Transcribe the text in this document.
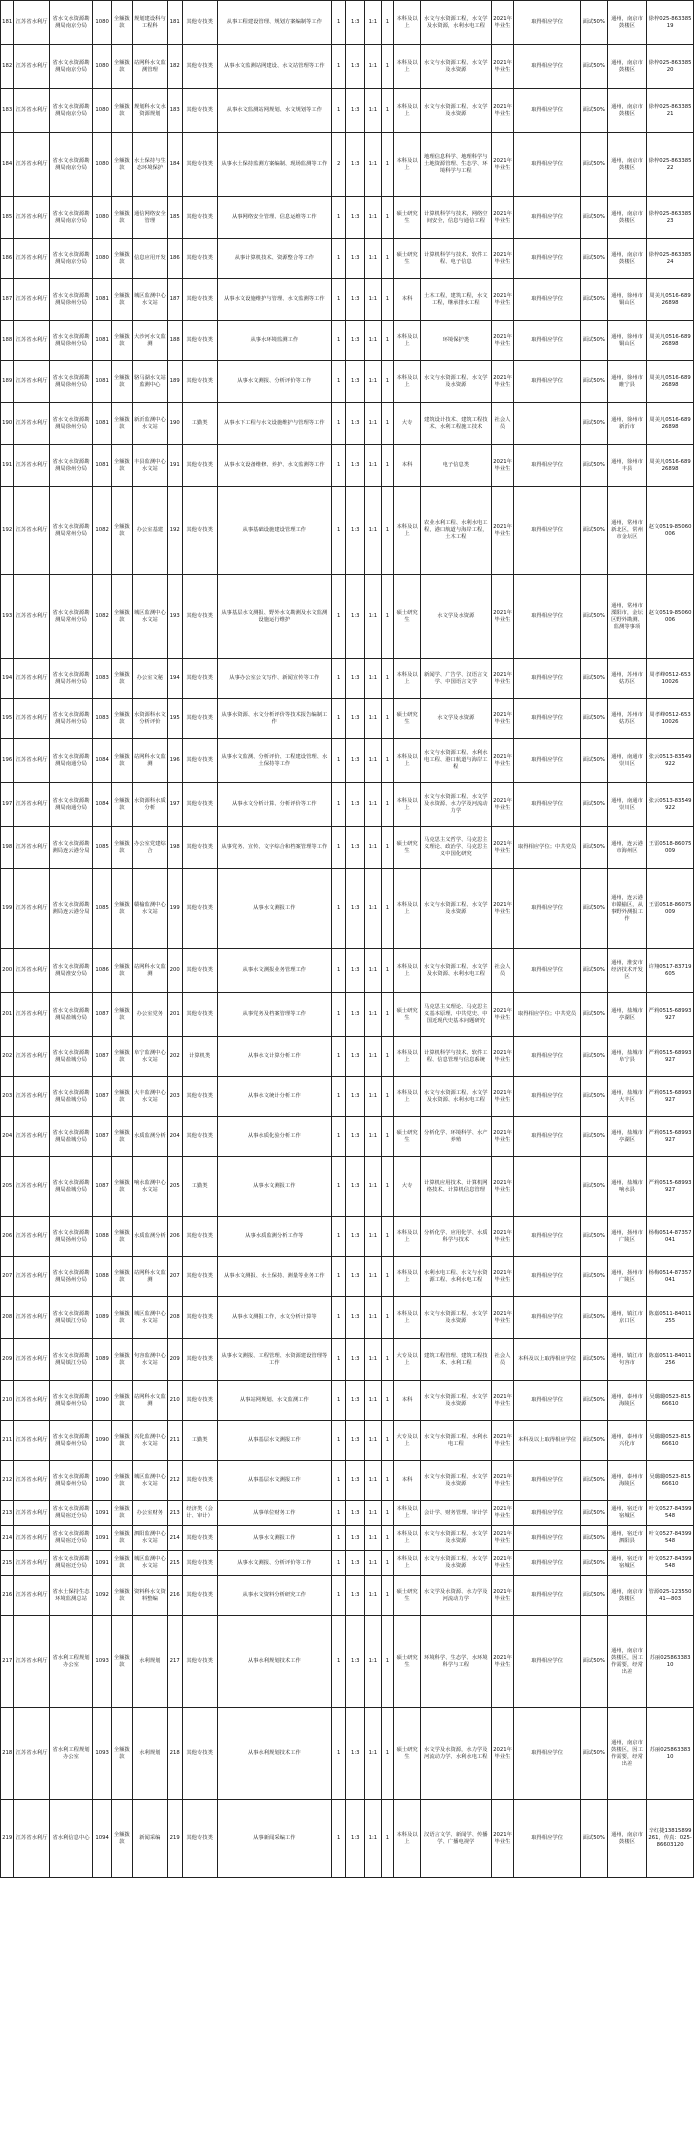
181	江苏省水利厅	省水文水资源勘测局南京分局	1080	全额拨款	规划建设科与工程科	181	其他专技类	从事工程建设管理、规划方案编制等工作	1	1:3	1:1	1	本科及以上	水文与水资源工程，水文学及水资源，水利水电工程	2021年毕业生	取得相应学位	面试50%	通州，南京市鼓楼区	徐梓025-86338519
182	江苏省水利厅	省水文水资源勘测局南京分局	1080	全额拨款	站网科水文监测管理	182	其他专技类	从事水文监测站网建设、水文站管理等工作	1	1:3	1:1	1	本科及以上	水文与水资源工程、水文学及水资源	2021年毕业生	取得相应学位	面试50%	通州，南京市鼓楼区	徐梓025-86338520
183	江苏省水利厅	省水文水资源勘测局南京分局	1080	全额拨款	规划科水文水资源规划	183	其他专技类	从事水文监测站网规划、水文规划等工作	1	1:3	1:1	1	本科及以上	水文与水资源工程、水文学及水资源	2021年毕业生	取得相应学位	面试50%	通州，南京市鼓楼区	徐梓025-86338521
184	江苏省水利厅	省水文水资源勘测局南京分局	1080	全额拨款	水土保持与生态环境保护	184	其他专技类	从事水土保持监测方案编制、现场监测等工作	2	1:3	1:1	1	本科及以上	地理信息科学、地理科学与土地资源管理、生态学、环境科学与工程	2021年毕业生	取得相应学位	面试50%	通州，南京市鼓楼区	徐梓025-86338522
185	江苏省水利厅	省水文水资源勘测局南京分局	1080	全额拨款	通信网络安全管理	185	其他专技类	从事网络安全管理、信息运维等工作	1	1:3	1:1	1	硕士研究生	计算机科学与技术，网络空间安全，信息与通信工程	2021年毕业生	取得相应学位	面试50%	通州，南京市鼓楼区	徐梓025-86338523
186	江苏省水利厅	省水文水资源勘测局南京分局	1080	全额拨款	信息应用开发	186	其他专技类	从事计算机技术、资源整合等工作	1	1:3	1:1	1	硕士研究生	计算机科学与技术、软件工程、电子信息	2021年毕业生	取得相应学位	面试50%	通州，南京市鼓楼区	徐梓025-86338524
187	江苏省水利厅	省水文水资源勘测局徐州分局	1081	全额拨款	城区监测中心水文站	187	其他专技类	从事水文设施维护与管理、水文监测等工作	1	1:3	1:1	1	本科	土木工程，建筑工程，水文工程，继承排水工程	2021年毕业生	取得相应学位	面试50%	通州，徐州市铜山区	周美凡0516-68926898
188	江苏省水利厅	省水文水资源勘测局徐州分局	1081	全额拨款	大沙河水文监测	188	其他专技类	从事水环境监测工作	1	1:3	1:1	1	本科及以上	环境保护类	2021年毕业生	取得相应学位	面试50%	通州，徐州市铜山区	周美凡0516-68926898
189	江苏省水利厅	省水文水资源勘测局徐州分局	1081	全额拨款	骆马湖水文站监测中心	189	其他专技类	从事水文测报、分析评价等工作	1	1:3	1:1	1	本科及以上	水文与水资源工程、水文学及水资源	2021年毕业生	取得相应学位	面试50%	通州，徐州市睢宁县	周美凡0516-68926898
190	江苏省水利厅	省水文水资源勘测局徐州分局	1081	全额拨款	新沂监测中心水文站	190	工勤类	从事水下工程与水文设施维护与管理等工作	1	1:3	1:1	1	大专	建筑设计技术、建筑工程技术、水利工程施工技术	社会人员		面试50%	通州，徐州市新沂市	周美凡0516-68926898
191	江苏省水利厅	省水文水资源勘测局徐州分局	1081	全额拨款	丰县监测中心水文站	191	其他专技类	从事水文设备维修、养护、水文监测等工作	1	1:3	1:1	1	本科	电子信息类	2021年毕业生	取得相应学位	面试50%	通州，徐州市丰县	周美凡0516-68926898
192	江苏省水利厅	省水文水资源勘测局常州分局	1082	全额拨款	办公室基建	192	其他专技类	从事基础设施建设管理工作	1	1:3	1:1	1	本科及以上	农业水利工程、水利水电工程，港口航道与海岸工程，土木工程	2021年毕业生	取得相应学位	面试50%	通州，常州市新北区，常州市金坛区	赵文0519-85060006
193	江苏省水利厅	省水文水资源勘测局常州分局	1082	全额拨款	城区监测中心水文站	193	其他专技类	从事基层水文测报、野外水文勘测及水文监测设施运行维护	1	1:3	1:1	1	硕士研究生	水文学及水资源	2021年毕业生	取得相应学位	面试50%	通州，常州市溧阳市，金坛区野外勘测、监测等事项	赵文0519-85060006
194	江苏省水利厅	省水文水资源勘测局苏州分局	1083	全额拨款	办公室文秘	194	其他专技类	从事办公室公文写作、新闻宣传等工作	1	1:3	1:1	1	本科及以上	新闻学、广告学、汉语言文学、中国语言文学	2021年毕业生	取得相应学位	面试50%	通州，苏州市姑苏区	周孝峰0512-65310026
195	江苏省水利厅	省水文水资源勘测局苏州分局	1083	全额拨款	水资源科水文分析评价	195	其他专技类	从事水资源、水文分析评价等技术报告编制工作	1	1:3	1:1	1	硕士研究生	水文学及水资源	2021年毕业生	取得相应学位	面试50%	通州，苏州市姑苏区	周孝峰0512-65310026
196	江苏省水利厅	省水文水资源勘测局南通分局	1084	全额拨款	站网科水文监测	196	其他专技类	从事水文监测、分析评价、工程建设管理、水土保持等工作	1	1:3	1:1	1	本科及以上	水文与水资源工程、水利水电工程、港口航道与海岸工程	2021年毕业生	取得相应学位	面试50%	通州，南通市崇川区	张云0513-83549922
197	江苏省水利厅	省水文水资源勘测局南通分局	1084	全额拨款	水资源科水质分析	197	其他专技类	从事水文分析计算、分析评价等工作	1	1:3	1:1	1	本科及以上	水文与水资源工程、水文学及水资源、水力学及河流动力学	2021年毕业生	取得相应学位	面试50%	通州，南通市崇川区	张云0513-83549922
198	江苏省水利厅	省水文水资源勘测局连云港分局	1085	全额拨款	办公室党建综合	198	其他专技类	从事党务、宣传、文字综合和档案管理等工作	1	1:3	1:1	1	硕士研究生	马克思主义哲学、马克思主义理论、政治学、马克思主义中国化研究	2021年毕业生	取得相应学位；中共党员	面试50%	通州，连云港市海州区	王雷0518-86075009
199	江苏省水利厅	省水文水资源勘测局连云港分局	1085	全额拨款	赣榆监测中心水文站	199	其他专技类	从事水文测报工作	1	1:3	1:1	1	本科及以上	水文与水资源工程、水文学及水资源	2021年毕业生	取得相应学位	面试50%	通州，连云港市赣榆区，从事野外测报工作	王雷0518-86075009
200	江苏省水利厅	省水文水资源勘测局淮安分局	1086	全额拨款	站网科水文监测	200	其他专技类	从事水文测报业务管理工作	1	1:3	1:1	1	本科及以上	水文与水资源工程、水文学及水资源、水利水电工程	社会人员	取得相应学位	面试50%	通州，淮安市经济技术开发区	许翔0517-83719605
201	江苏省水利厅	省水文水资源勘测局盐城分局	1087	全额拨款	办公室党务	201	其他专技类	从事党务及档案管理等工作	1	1:3	1:1	1	硕士研究生	马克思主义理论、马克思主义基本原理、中共党史、中国近现代史基本问题研究	2021年毕业生	取得相应学位；中共党员	面试50%	通州，盐城市亭湖区	严莉0515-68993927
202	江苏省水利厅	省水文水资源勘测局盐城分局	1087	全额拨款	阜宁监测中心水文站	202	计算机类	从事水文计算分析工作	1	1:3	1:1	1	本科及以上	计算机科学与技术、软件工程、信息管理与信息系统	2021年毕业生	取得相应学位	面试50%	通州，盐城市阜宁县	严莉0515-68993927
203	江苏省水利厅	省水文水资源勘测局盐城分局	1087	全额拨款	大丰监测中心水文站	203	其他专技类	从事水文统计分析工作	1	1:3	1:1	1	本科及以上	水文与水资源工程、水文学及水资源、水利水电工程	2021年毕业生	取得相应学位	面试50%	通州，盐城市大丰区	严莉0515-68993927
204	江苏省水利厅	省水文水资源勘测局盐城分局	1087	全额拨款	水质监测分析	204	其他专技类	从事水质化验分析工作	1	1:3	1:1	1	硕士研究生	分析化学、环境科学、水产养殖	2021年毕业生	取得相应学位	面试50%	通州，盐城市亭湖区	严莉0515-68993927
205	江苏省水利厅	省水文水资源勘测局盐城分局	1087	全额拨款	响水监测中心水文站	205	工勤类	从事水文测报工作	1	1:3	1:1	1	大专	计算机应用技术、计算机网络技术、计算机信息管理	2021年毕业生		面试50%	通州，盐城市响水县	严莉0515-68993927
206	江苏省水利厅	省水文水资源勘测局扬州分局	1088	全额拨款	水质监测分析	206	其他专技类	从事水质监测分析工作等	1	1:3	1:1	1	本科及以上	分析化学、应用化学、水质科学与技术	2021年毕业生	取得相应学位	面试50%	通州，扬州市广陵区	杨梅0514-87357041
207	江苏省水利厅	省水文水资源勘测局扬州分局	1088	全额拨款	站网科水文监测	207	其他专技类	从事水文测报、水土保持、测量等业务工作	1	1:3	1:1	1	本科及以上	水利水电工程、水文与水资源工程、水利水电工程	2021年毕业生	取得相应学位	面试50%	通州，扬州市广陵区	杨梅0514-87357041
208	江苏省水利厅	省水文水资源勘测局镇江分局	1089	全额拨款	城区监测中心水文站	208	其他专技类	从事水文测报工作，水文分析计算等	1	1:3	1:1	1	本科及以上	水文与水资源工程、水文学及水资源	2021年毕业生	取得相应学位	面试50%	通州，镇江市京口区	陈嘉0511-84011255
209	江苏省水利厅	省水文水资源勘测局镇江分局	1089	全额拨款	句容监测中心水文站	209	其他专技类	从事水文测报、工程管理、水资源建设管理等工作	1	1:3	1:1	1	大专及以上	建筑工程管理、建筑工程技术、水利工程	社会人员	本科及以上取得相应学位	面试50%	通州，镇江市句容市	陈嘉0511-84011256
210	江苏省水利厅	省水文水资源勘测局泰州分局	1090	全额拨款	站网科水文监测	210	其他专技类	从事站网规划、水文监测工作	1	1:3	1:1	1	本科	水文与水资源工程、水文学及水资源	2021年毕业生	取得相应学位	面试50%	通州，泰州市海陵区	吴璐璐0523-81566610
211	江苏省水利厅	省水文水资源勘测局泰州分局	1090	全额拨款	兴化监测中心水文站	211	工勤类	从事基层水文测报工作	1	1:3	1:1	1	大专及以上	水文与水资源工程、水利水电工程	2021年毕业生	本科及以上取得相应学位	面试50%	通州，泰州市兴化市	吴璐璐0523-81566610
212	江苏省水利厅	省水文水资源勘测局泰州分局	1090	全额拨款	城区监测中心水文站	212	其他专技类	从事基层水文测报工作	1	1:3	1:1	1	本科	水文与水资源工程、水文学及水资源	2021年毕业生	取得相应学位	面试50%	通州，泰州市海陵区	吴璐璐0523-81566610
213	江苏省水利厅	省水文水资源勘测局宿迁分局	1091	全额拨款	办公室财务	213	经济类（会计、审计）	从事单位财务工作	1	1:3	1:1	1	本科及以上	会计学、财务管理、审计学	2021年毕业生	取得相应学位	面试50%	通州，宿迁市宿城区	叶文0527-84399548
214	江苏省水利厅	省水文水资源勘测局宿迁分局	1091	全额拨款	泗阳监测中心水文站	214	其他专技类	从事水文测报工作	1	1:3	1:1	1	本科及以上	水文与水资源工程、水文学及水资源	2021年毕业生	取得相应学位	面试50%	通州，宿迁市泗阳县	叶文0527-84399548
215	江苏省水利厅	省水文水资源勘测局宿迁分局	1091	全额拨款	城区监测中心水文站	215	其他专技类	从事水文测报、分析评价等工作	1	1:3	1:1	1	本科及以上	水文与水资源工程、水文学及水资源	2021年毕业生	取得相应学位	面试50%	通州，宿迁市宿城区	叶文0527-84399548
216	江苏省水利厅	省水土保持生态环境监测总站	1092	全额拨款	资料科水文资料整编	216	其他专技类	从事水文资料分析研究工作	1	1:3	1:1	1	硕士研究生	水文学及水资源、水力学及河流动力学	2021年毕业生	取得相应学位	面试50%	通州，南京市鼓楼区	管源025-12355041—803
217	江苏省水利厅	省水利工程规划办公室	1093	全额拨款	水利规划	217	其他专技类	从事水利规划技术工作	1	1:3	1:1	1	硕士研究生	环境科学、生态学、水环境科学与工程	2021年毕业生	取得相应学位	面试50%	通州，南京市鼓楼区，因工作需要，经常出差	苏丽02586338310
218	江苏省水利厅	省水利工程规划办公室	1093	全额拨款	水利规划	218	其他专技类	从事水利规划技术工作	1	1:3	1:1	1	硕士研究生	水文学及水资源，水力学及河流动力学、水利水电工程	2021年毕业生	取得相应学位	面试50%	通州，南京市鼓楼区，因工作需要，经常出差	苏丽02586338310
219	江苏省水利厅	省水利信息中心	1094	全额拨款	新闻采编	219	其他专技类	从事新闻采编工作	1	1:3	1:1	1	本科及以上	汉语言文学、新闻学、传播学、广播电视学	2021年毕业生	取得相应学位	面试50%	通州，南京市鼓楼区	辛红捷13815899261，传真：025-86603120
